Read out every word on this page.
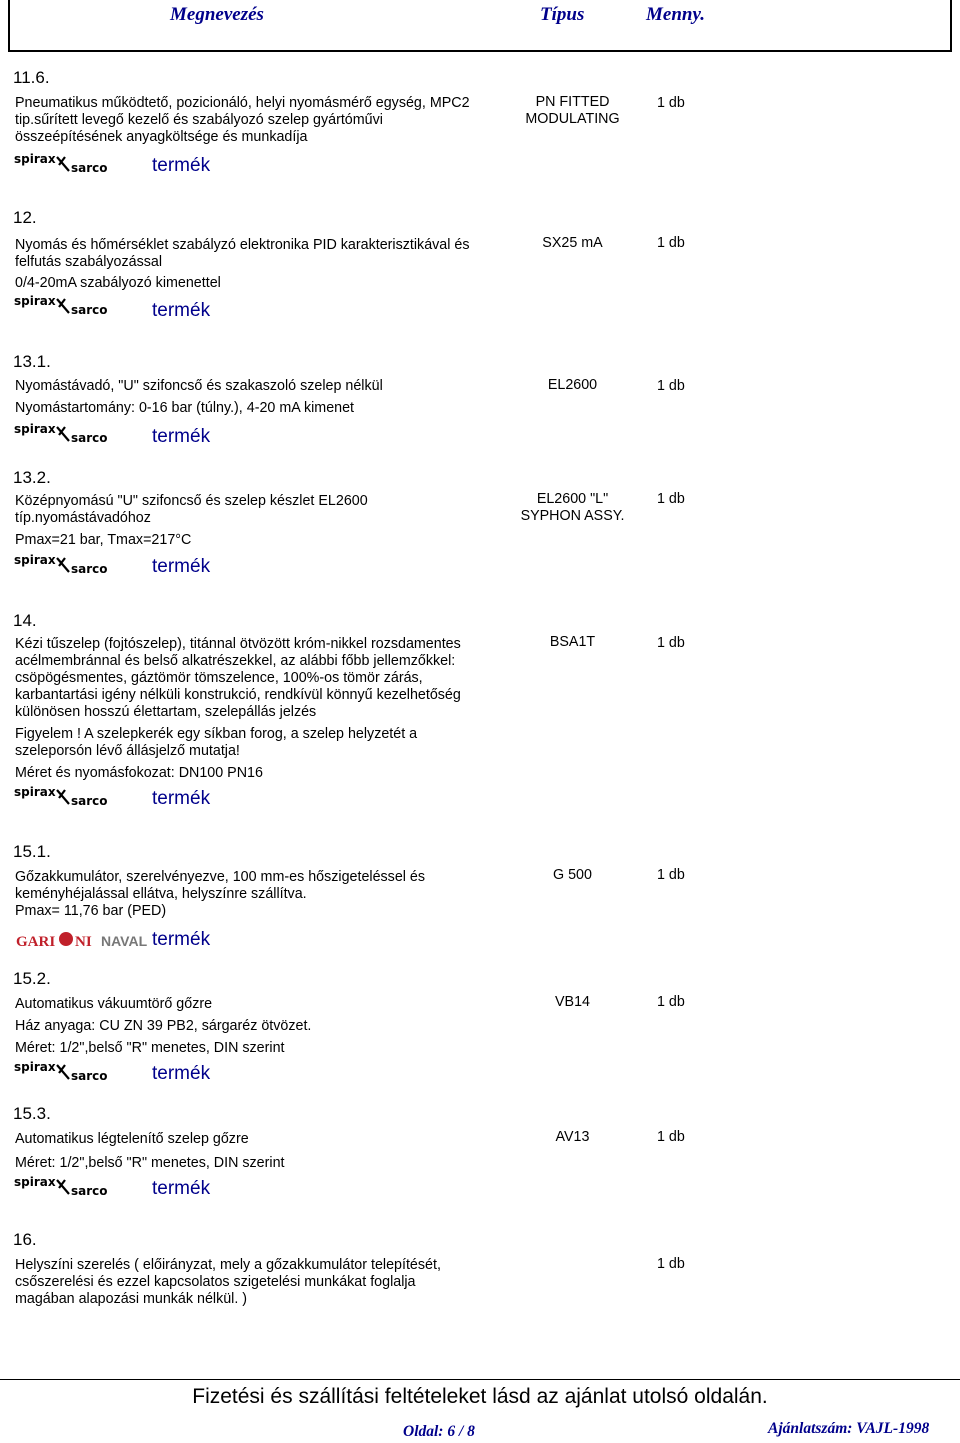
Megnevezés	Típus	Menny.
11.6.
Pneumatikus működtető, pozicionáló, helyi nyomásmérő egység, MPC2
tip.sűrített levegő kezelő és szabályozó szelep gyártóművi
összeépítésének anyagköltsége és munkadíja
PN FITTED
MODULATING
1 db
spirax
sarco termék
12.
Nyomás és hőmérséklet szabályzó elektronika PID karakterisztikával és
felfutás szabályozással
0/4-20mA szabályozó kimenettel
SX25 mA	1 db
spirax
sarco termék
13.1.
Nyomástávadó, "U" szifoncső és szakaszoló szelep nélkül
Nyomástartomány: 0-16 bar (túlny.), 4-20 mA kimenet
EL2600	1 db
spirax
sarco termék
13.2.
Középnyomású "U" szifoncső és szelep készlet EL2600
típ.nyomástávadóhoz
Pmax=21 bar, Tmax=217°C
EL2600 "L"
SYPHON ASSY.
1 db
spirax
sarco termék
14.
Kézi tűszelep (fojtószelep), titánnal ötvözött króm-nikkel rozsdamentes
acélmembránnal és belső alkatrészekkel, az alábbi főbb jellemzőkkel:
csöpögésmentes, gáztömör tömszelence, 100%-os tömör zárás,
karbantartási igény nélküli konstrukció, rendkívül könnyű kezelhetőség
különösen hosszú élettartam, szelepállás jelzés
Figyelem ! A szelepkerék egy síkban forog, a szelep helyzetét a
szeleporsón lévő állásjelző mutatja!
Méret és nyomásfokozat: DN100 PN16
BSA1T	1 db
spirax
sarco termék
15.1.
Gőzakkumulátor, szerelvényezve, 100 mm-es hőszigeteléssel és
keményhéjalással ellátva, helyszínre szállítva.
Pmax= 11,76 bar (PED)
G 500	1 db
GARI NI NAVAL termék
15.2.
Automatikus vákuumtörő gőzre
Ház anyaga: CU ZN 39 PB2, sárgaréz ötvözet.
Méret: 1/2",belső "R" menetes, DIN szerint
VB14	1 db
spirax
sarco termék
15.3.
Automatikus légtelenítő szelep gőzre
Méret: 1/2",belső "R" menetes, DIN szerint
AV13	1 db
spirax
sarco termék
16.
Helyszíni szerelés ( előirányzat, mely a gőzakkumulátor telepítését,
csőszerelési és ezzel kapcsolatos szigetelési munkákat foglalja
magában alapozási munkák nélkül. )
1 db
Fizetési és szállítási feltételeket lásd az ajánlat utolsó oldalán.
Oldal: 6 / 8	Ajánlatszám: VAJL-1998
